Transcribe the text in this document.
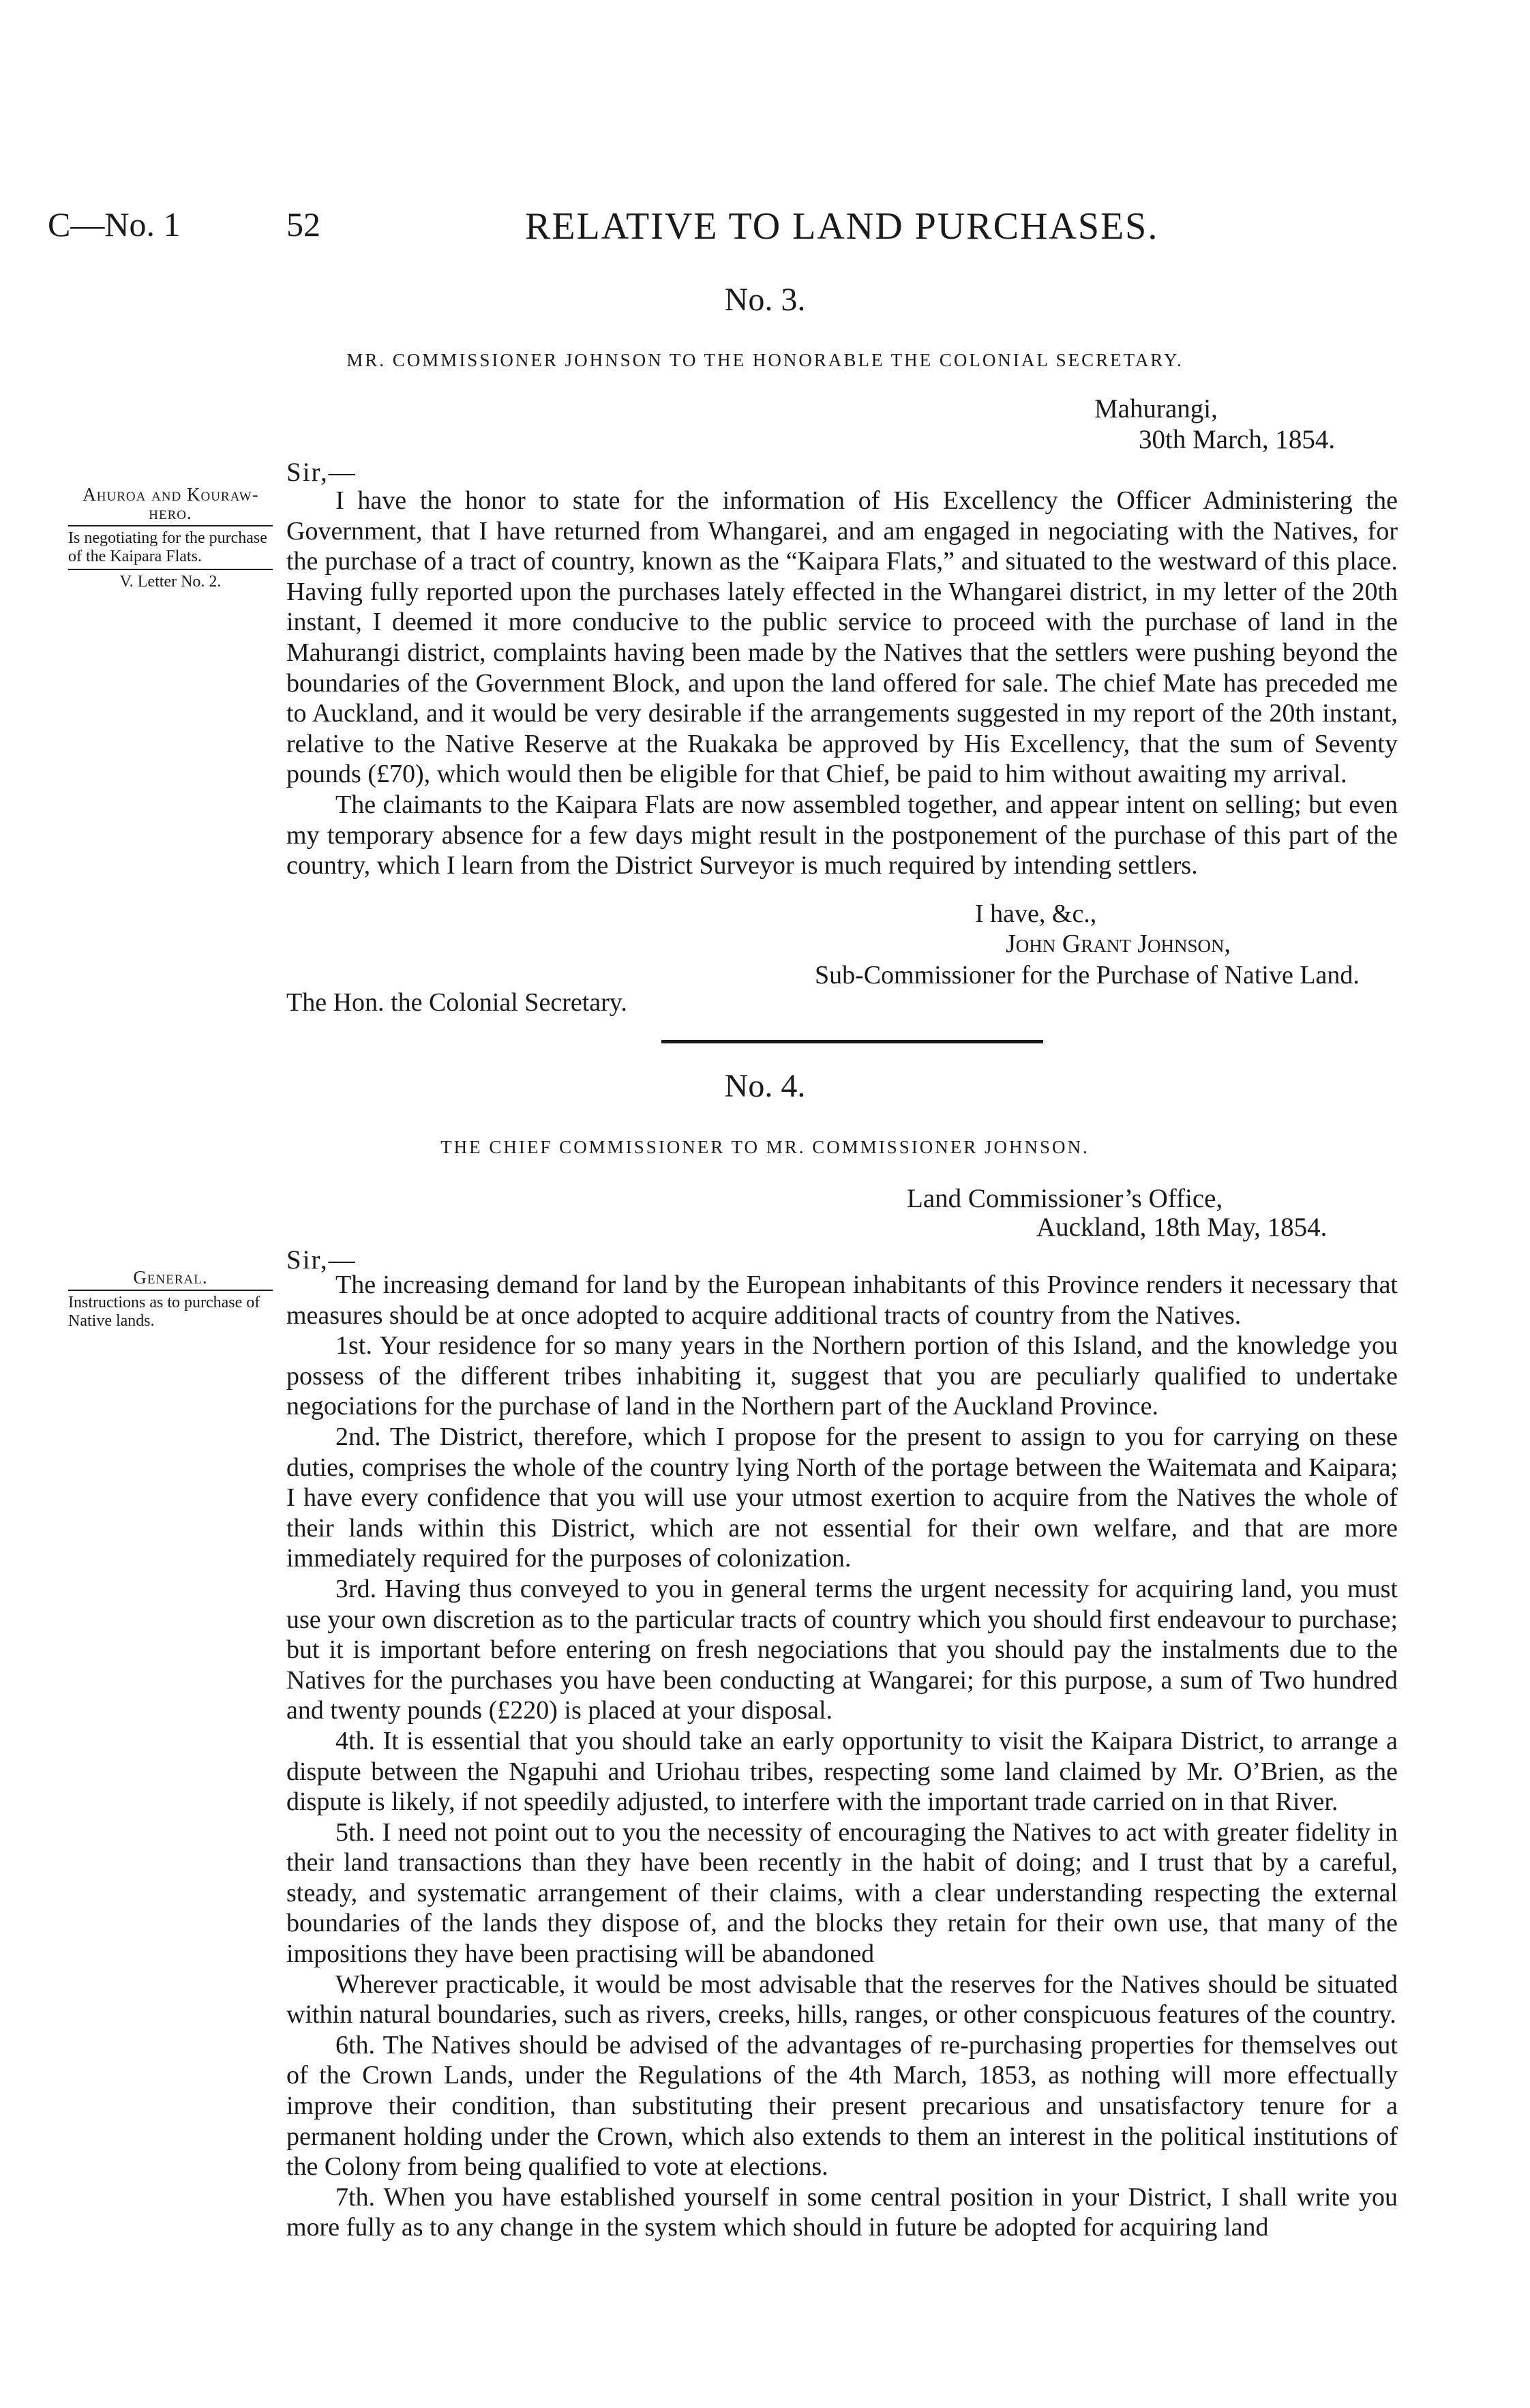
C—No. 1	52	RELATIVE TO LAND PURCHASES.
No. 3.
MR. COMMISSIONER JOHNSON TO THE HONORABLE THE COLONIAL SECRETARY.
Mahurangi,
30th March, 1854.
Sir,—
Ahuroa and Kourawhero.
Is negotiating for the purchase of the Kaipara Flats.
V. Letter No. 2.

I have the honor to state for the information of His Excellency the Officer Administering the Government, that I have returned from Whangarei, and am engaged in negociating with the Natives, for the purchase of a tract of country, known as the “Kaipara Flats,” and situated to the westward of this place. Having fully reported upon the purchases lately effected in the Whangarei district, in my letter of the 20th instant, I deemed it more conducive to the public service to proceed with the purchase of land in the Mahurangi district, complaints having been made by the Natives that the settlers were pushing beyond the boundaries of the Government Block, and upon the land offered for sale. The chief Mate has preceded me to Auckland, and it would be very desirable if the arrangements suggested in my report of the 20th instant, relative to the Native Reserve at the Ruakaka be approved by His Excellency, that the sum of Seventy pounds (£70), which would then be eligible for that Chief, be paid to him without awaiting my arrival.

The claimants to the Kaipara Flats are now assembled together, and appear intent on selling; but even my temporary absence for a few days might result in the postponement of the purchase of this part of the country, which I learn from the District Surveyor is much required by intending settlers.

I have, &c.,
John Grant Johnson,
Sub-Commissioner for the Purchase of Native Land.
The Hon. the Colonial Secretary.
No. 4.
THE CHIEF COMMISSIONER TO MR. COMMISSIONER JOHNSON.
Land Commissioner’s Office,
Auckland, 18th May, 1854.
Sir,—
General.
Instructions as to purchase of Native lands.

The increasing demand for land by the European inhabitants of this Province renders it necessary that measures should be at once adopted to acquire additional tracts of country from the Natives.

1st. Your residence for so many years in the Northern portion of this Island, and the knowledge you possess of the different tribes inhabiting it, suggest that you are peculiarly qualified to undertake negociations for the purchase of land in the Northern part of the Auckland Province.

2nd. The District, therefore, which I propose for the present to assign to you for carrying on these duties, comprises the whole of the country lying North of the portage between the Waitemata and Kaipara; I have every confidence that you will use your utmost exertion to acquire from the Natives the whole of their lands within this District, which are not essential for their own welfare, and that are more immediately required for the purposes of colonization.

3rd. Having thus conveyed to you in general terms the urgent necessity for acquiring land, you must use your own discretion as to the particular tracts of country which you should first endeavour to purchase; but it is important before entering on fresh negociations that you should pay the instalments due to the Natives for the purchases you have been conducting at Wangarei; for this purpose, a sum of Two hundred and twenty pounds (£220) is placed at your disposal.

4th. It is essential that you should take an early opportunity to visit the Kaipara District, to arrange a dispute between the Ngapuhi and Uriohau tribes, respecting some land claimed by Mr. O’Brien, as the dispute is likely, if not speedily adjusted, to interfere with the important trade carried on in that River.

5th. I need not point out to you the necessity of encouraging the Natives to act with greater fidelity in their land transactions than they have been recently in the habit of doing; and I trust that by a careful, steady, and systematic arrangement of their claims, with a clear understanding respecting the external boundaries of the lands they dispose of, and the blocks they retain for their own use, that many of the impositions they have been practising will be abandoned

Wherever practicable, it would be most advisable that the reserves for the Natives should be situated within natural boundaries, such as rivers, creeks, hills, ranges, or other conspicuous features of the country.

6th. The Natives should be advised of the advantages of re-purchasing properties for themselves out of the Crown Lands, under the Regulations of the 4th March, 1853, as nothing will more effectually improve their condition, than substituting their present precarious and unsatisfactory tenure for a permanent holding under the Crown, which also extends to them an interest in the political institutions of the Colony from being qualified to vote at elections.

7th. When you have established yourself in some central position in your District, I shall write you more fully as to any change in the system which should in future be adopted for acquiring land
